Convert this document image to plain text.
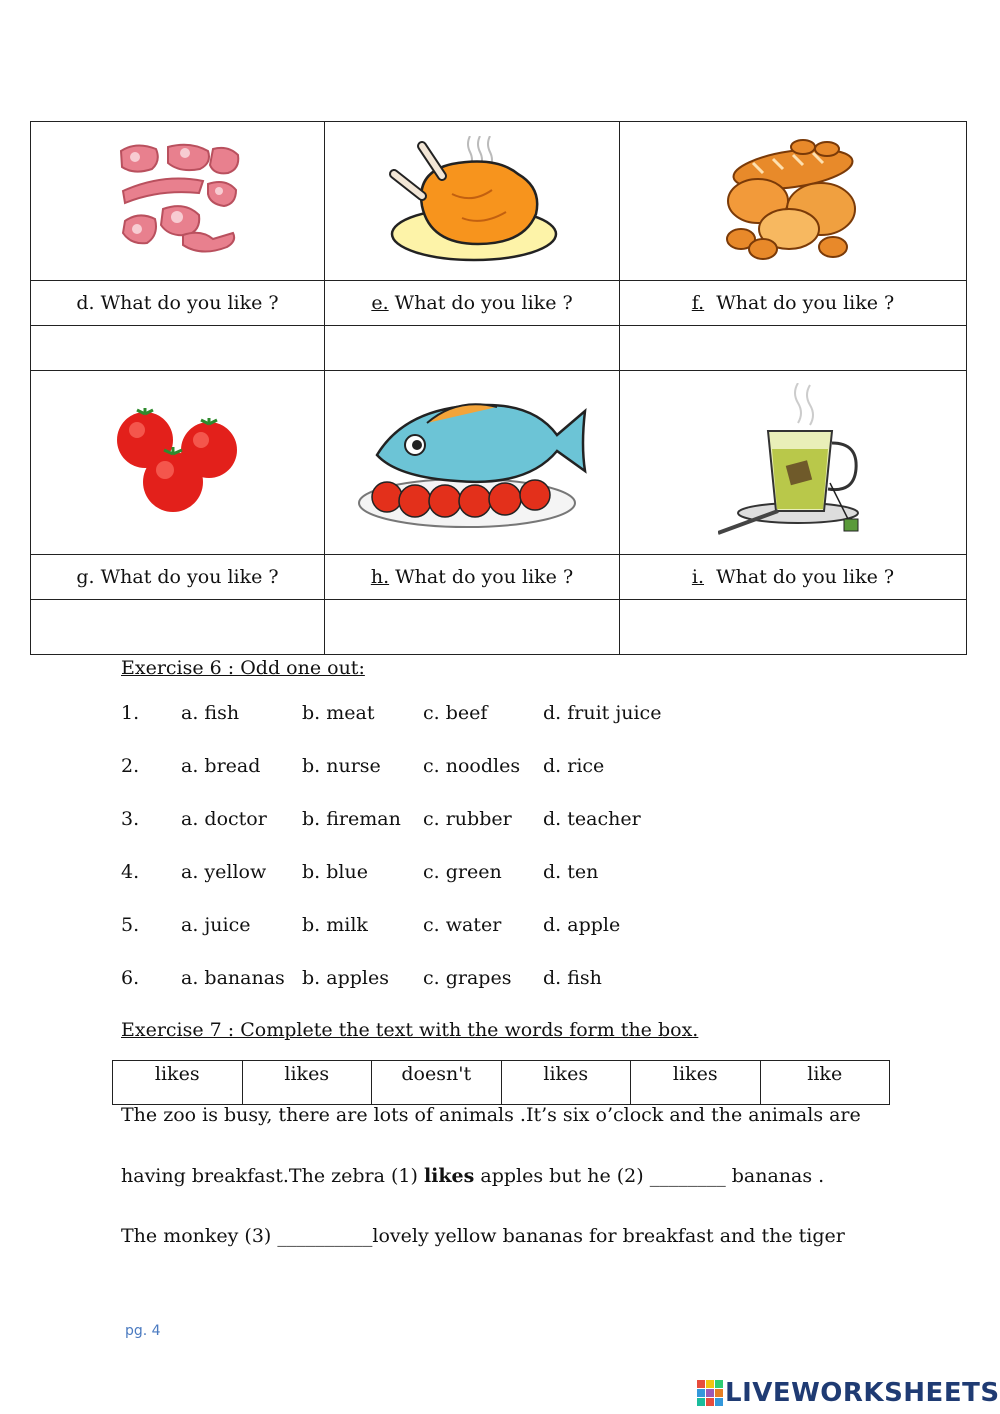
d. What do you like ?	e. What do you like ?	f.  What do you like ?

g. What do you like ?	h. What do you like ?	i.  What do you like ?

Exercise 6 : Odd one out:
1. a. fish	b. meat	c. beef	d. fruit juice
2. a. bread b. nurse c. noodles d. rice
3. a. doctor b. fireman c. rubber d. teacher
4. a. yellow b. blue	c. green d. ten
5. a. juice	b. milk	c. water d. apple
6. a. bananas b. apples c. grapes d. fish
Exercise 7 : Complete the text with the words form the box.
likes	likes	doesn't	likes	likes	like
The zoo is busy, there are lots of animals .It’s six o’clock and the animals are
having breakfast.The zebra (1) likes apples but he (2) ________ bananas .
The monkey (3) __________lovely yellow bananas for breakfast and the tiger
pg. 4
LIVEWORKSHEETS
